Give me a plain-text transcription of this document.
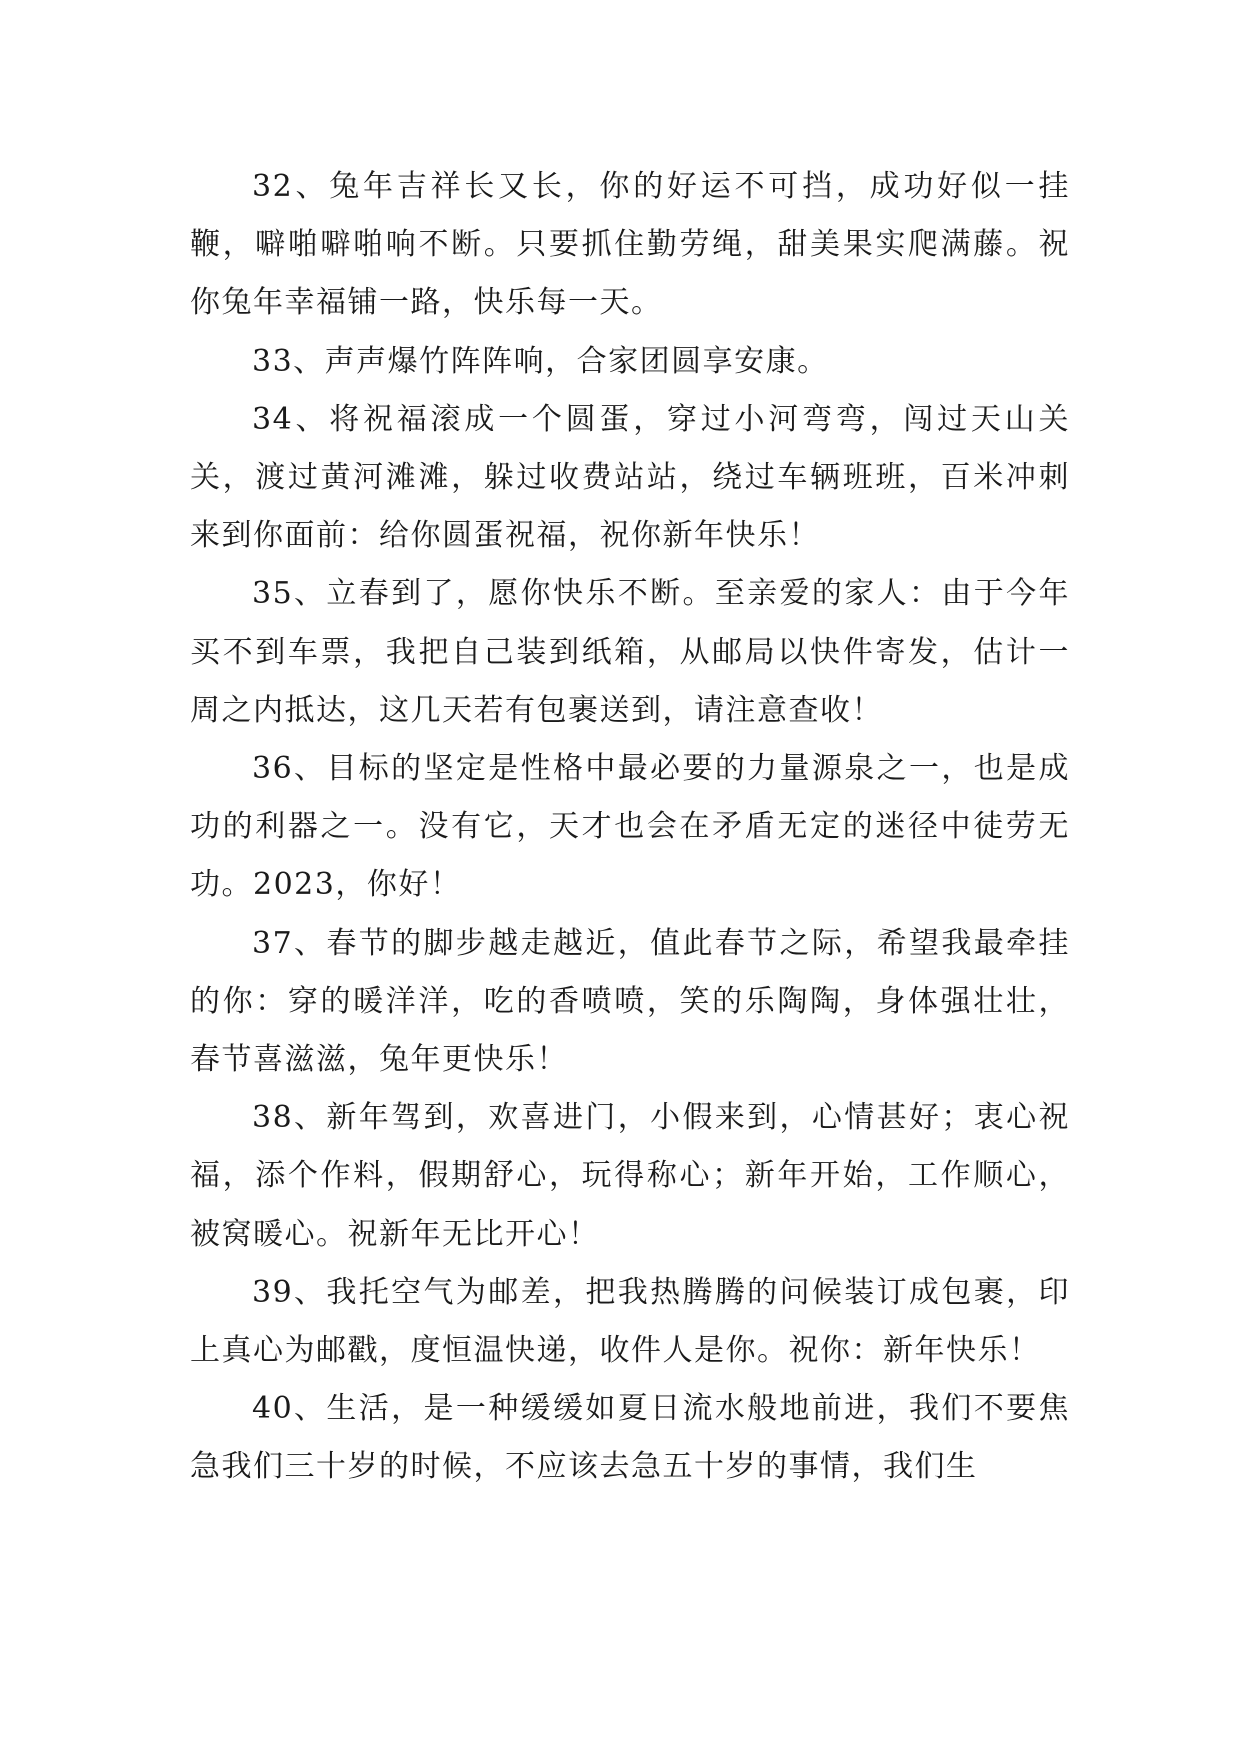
32、兔年吉祥长又长，你的好运不可挡，成功好似一挂鞭，噼啪噼啪响不断。只要抓住勤劳绳，甜美果实爬满藤。祝你兔年幸福铺一路，快乐每一天。

33、声声爆竹阵阵响，合家团圆享安康。

34、将祝福滚成一个圆蛋，穿过小河弯弯，闯过天山关关，渡过黄河滩滩，躲过收费站站，绕过车辆班班，百米冲刺来到你面前：给你圆蛋祝福，祝你新年快乐！

35、立春到了，愿你快乐不断。至亲爱的家人：由于今年买不到车票，我把自己装到纸箱，从邮局以快件寄发，估计一周之内抵达，这几天若有包裹送到，请注意查收！

36、目标的坚定是性格中最必要的力量源泉之一，也是成功的利器之一。没有它，天才也会在矛盾无定的迷径中徒劳无功。2023，你好！

37、春节的脚步越走越近，值此春节之际，希望我最牵挂的你：穿的暖洋洋，吃的香喷喷，笑的乐陶陶，身体强壮壮，春节喜滋滋，兔年更快乐！

38、新年驾到，欢喜进门，小假来到，心情甚好；衷心祝福，添个作料，假期舒心，玩得称心；新年开始，工作顺心，被窝暖心。祝新年无比开心！

39、我托空气为邮差，把我热腾腾的问候装订成包裹，印上真心为邮戳，度恒温快递，收件人是你。祝你：新年快乐！

40、生活，是一种缓缓如夏日流水般地前进，我们不要焦急我们三十岁的时候，不应该去急五十岁的事情，我们生
